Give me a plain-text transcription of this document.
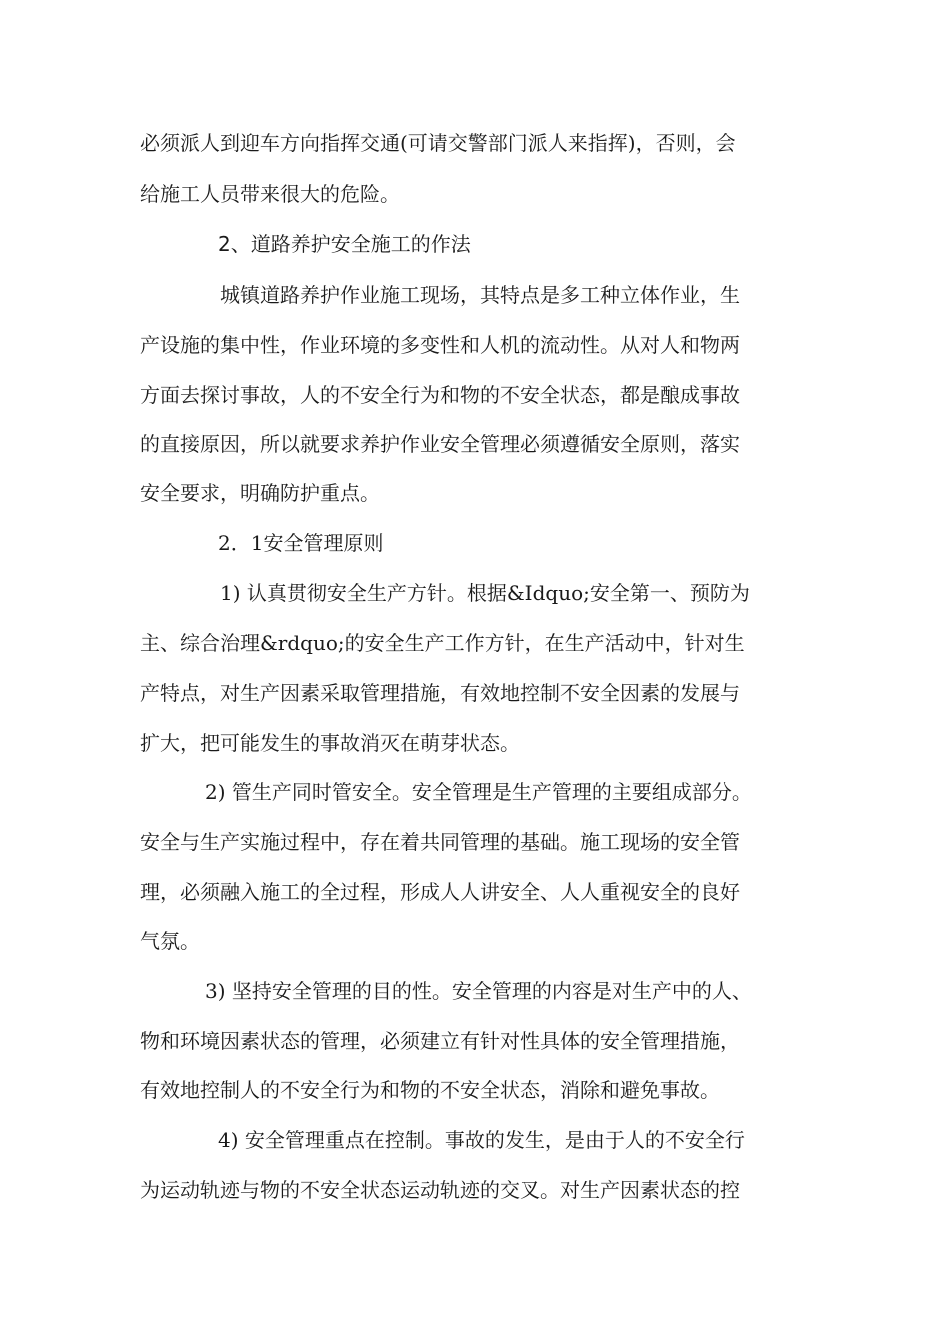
必须派人到迎车方向指挥交通(可请交警部门派人来指挥)，否则，会
给施工人员带来很大的危险。
2、道路养护安全施工的作法
城镇道路养护作业施工现场，其特点是多工种立体作业，生
产设施的集中性，作业环境的多变性和人机的流动性。从对人和物两
方面去探讨事故，人的不安全行为和物的不安全状态，都是酿成事故
的直接原因，所以就要求养护作业安全管理必须遵循安全原则，落实
安全要求，明确防护重点。
2．1安全管理原则
1) 认真贯彻安全生产方针。根据&Idquo;安全第一、预防为
主、综合治理&rdquo;的安全生产工作方针，在生产活动中，针对生
产特点，对生产因素采取管理措施，有效地控制不安全因素的发展与
扩大，把可能发生的事故消灭在萌芽状态。
2) 管生产同时管安全。安全管理是生产管理的主要组成部分。
安全与生产实施过程中，存在着共同管理的基础。施工现场的安全管
理，必须融入施工的全过程，形成人人讲安全、人人重视安全的良好
气氛。
3) 坚持安全管理的目的性。安全管理的内容是对生产中的人、
物和环境因素状态的管理，必须建立有针对性具体的安全管理措施，
有效地控制人的不安全行为和物的不安全状态，消除和避免事故。
4) 安全管理重点在控制。事故的发生，是由于人的不安全行
为运动轨迹与物的不安全状态运动轨迹的交叉。对生产因素状态的控
